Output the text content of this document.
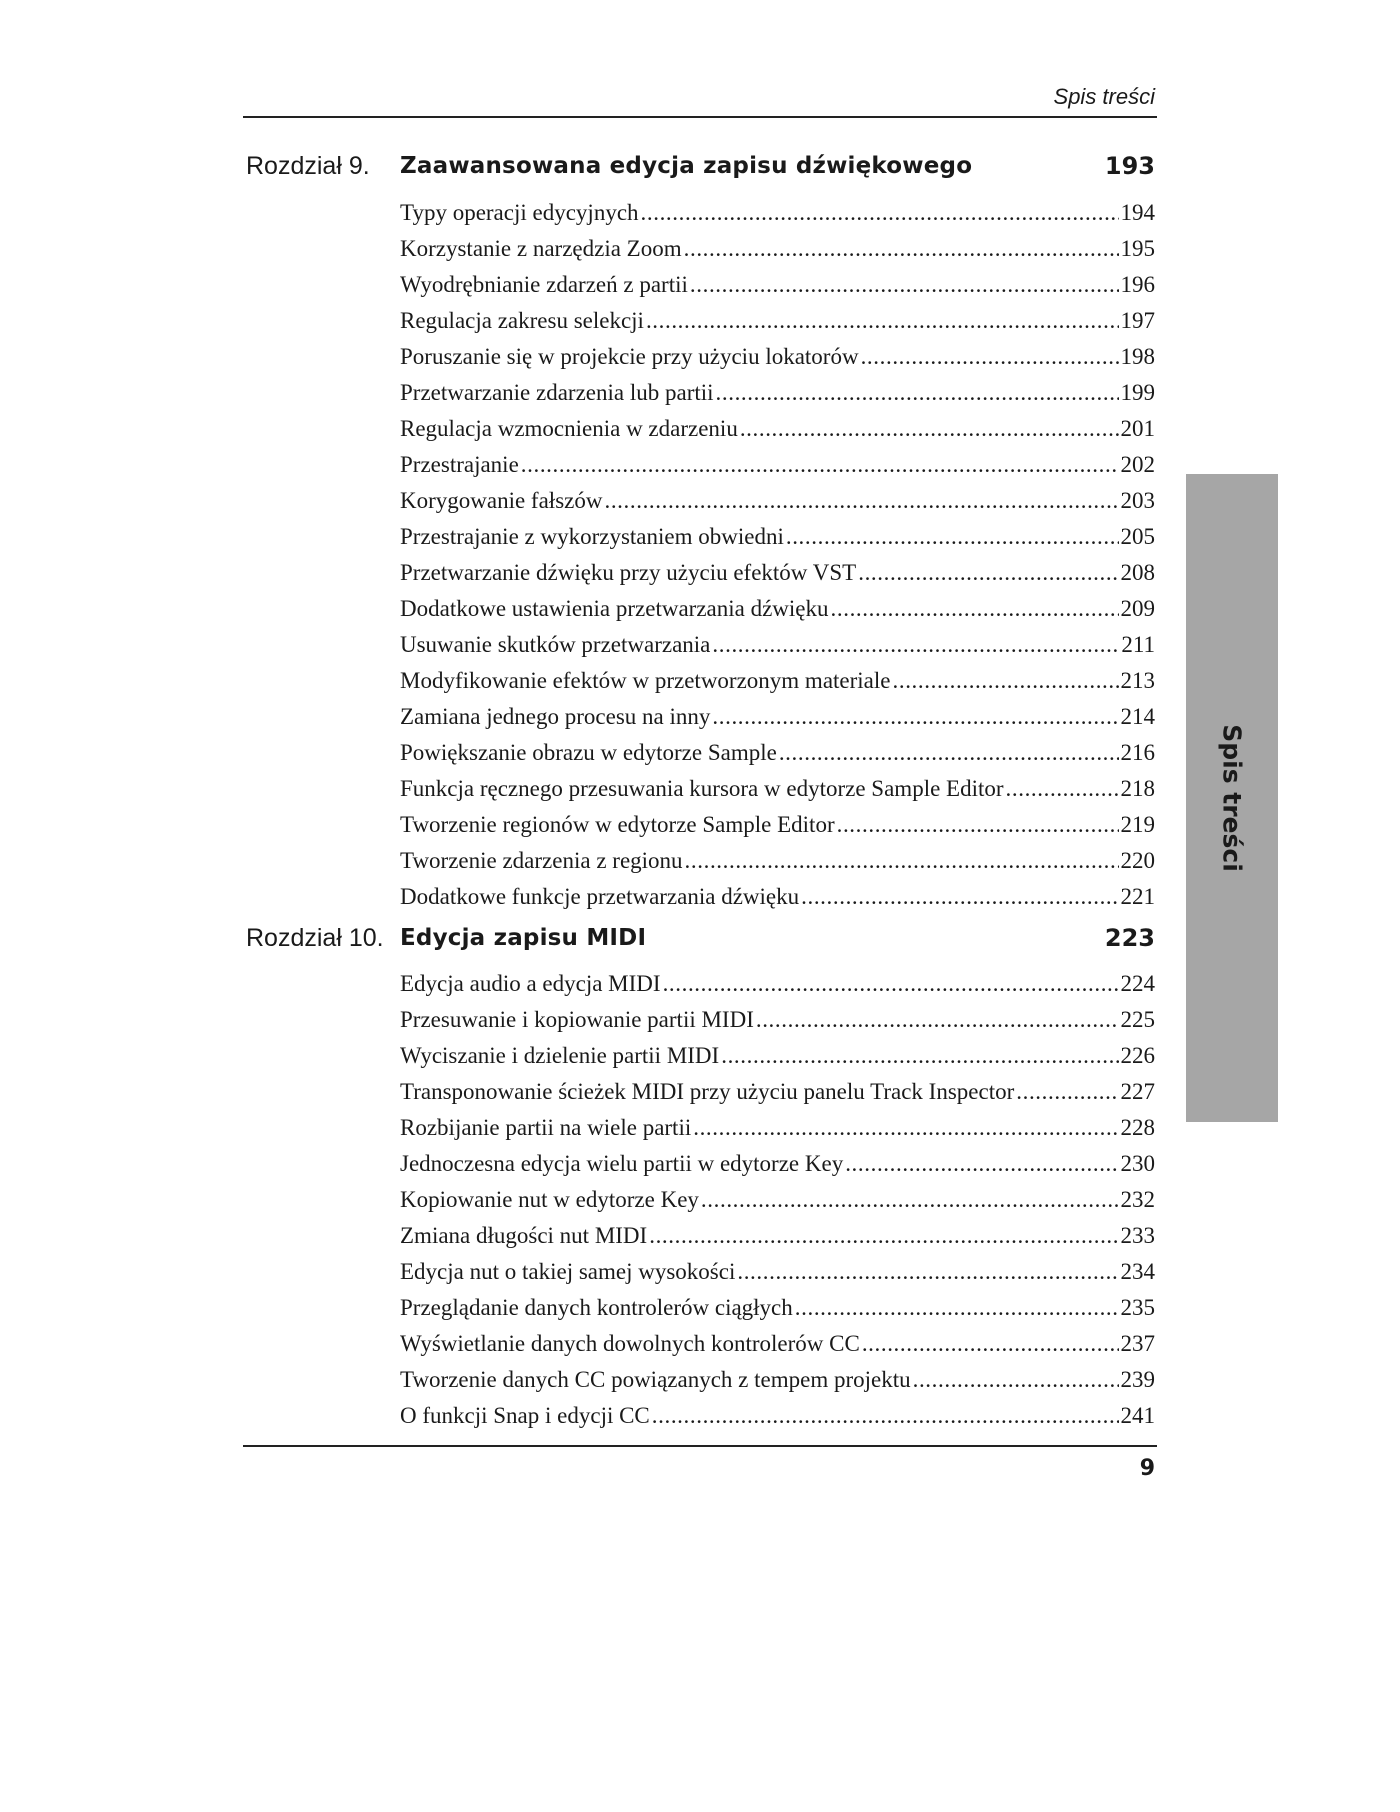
Spis treści
Rozdział 9. Zaawansowana edycja zapisu dźwiękowego	193
Typy operacji edycyjnych .....	194
Korzystanie z narzędzia Zoom .....	195
Wyodrębnianie zdarzeń z partii .....	196
Regulacja zakresu selekcji .....	197
Poruszanie się w projekcie przy użyciu lokatorów .....	198
Przetwarzanie zdarzenia lub partii .....	199
Regulacja wzmocnienia w zdarzeniu .....	201
Przestrajanie .....	202
Korygowanie fałszów .....	203
Przestrajanie z wykorzystaniem obwiedni .....	205
Przetwarzanie dźwięku przy użyciu efektów VST .....	208
Dodatkowe ustawienia przetwarzania dźwięku .....	209
Usuwanie skutków przetwarzania .....	211
Modyfikowanie efektów w przetworzonym materiale .....	213
Zamiana jednego procesu na inny .....	214
Powiększanie obrazu w edytorze Sample .....	216
Funkcja ręcznego przesuwania kursora w edytorze Sample Editor .....	218
Tworzenie regionów w edytorze Sample Editor .....	219
Tworzenie zdarzenia z regionu .....	220
Dodatkowe funkcje przetwarzania dźwięku .....	221
Rozdział 10. Edycja zapisu MIDI	223
Edycja audio a edycja MIDI .....	224
Przesuwanie i kopiowanie partii MIDI .....	225
Wyciszanie i dzielenie partii MIDI .....	226
Transponowanie ścieżek MIDI przy użyciu panelu Track Inspector .....	227
Rozbijanie partii na wiele partii .....	228
Jednoczesna edycja wielu partii w edytorze Key .....	230
Kopiowanie nut w edytorze Key .....	232
Zmiana długości nut MIDI .....	233
Edycja nut o takiej samej wysokości .....	234
Przeglądanie danych kontrolerów ciągłych .....	235
Wyświetlanie danych dowolnych kontrolerów CC .....	237
Tworzenie danych CC powiązanych z tempem projektu .....	239
O funkcji Snap i edycji CC .....	241
9
Spis treści
